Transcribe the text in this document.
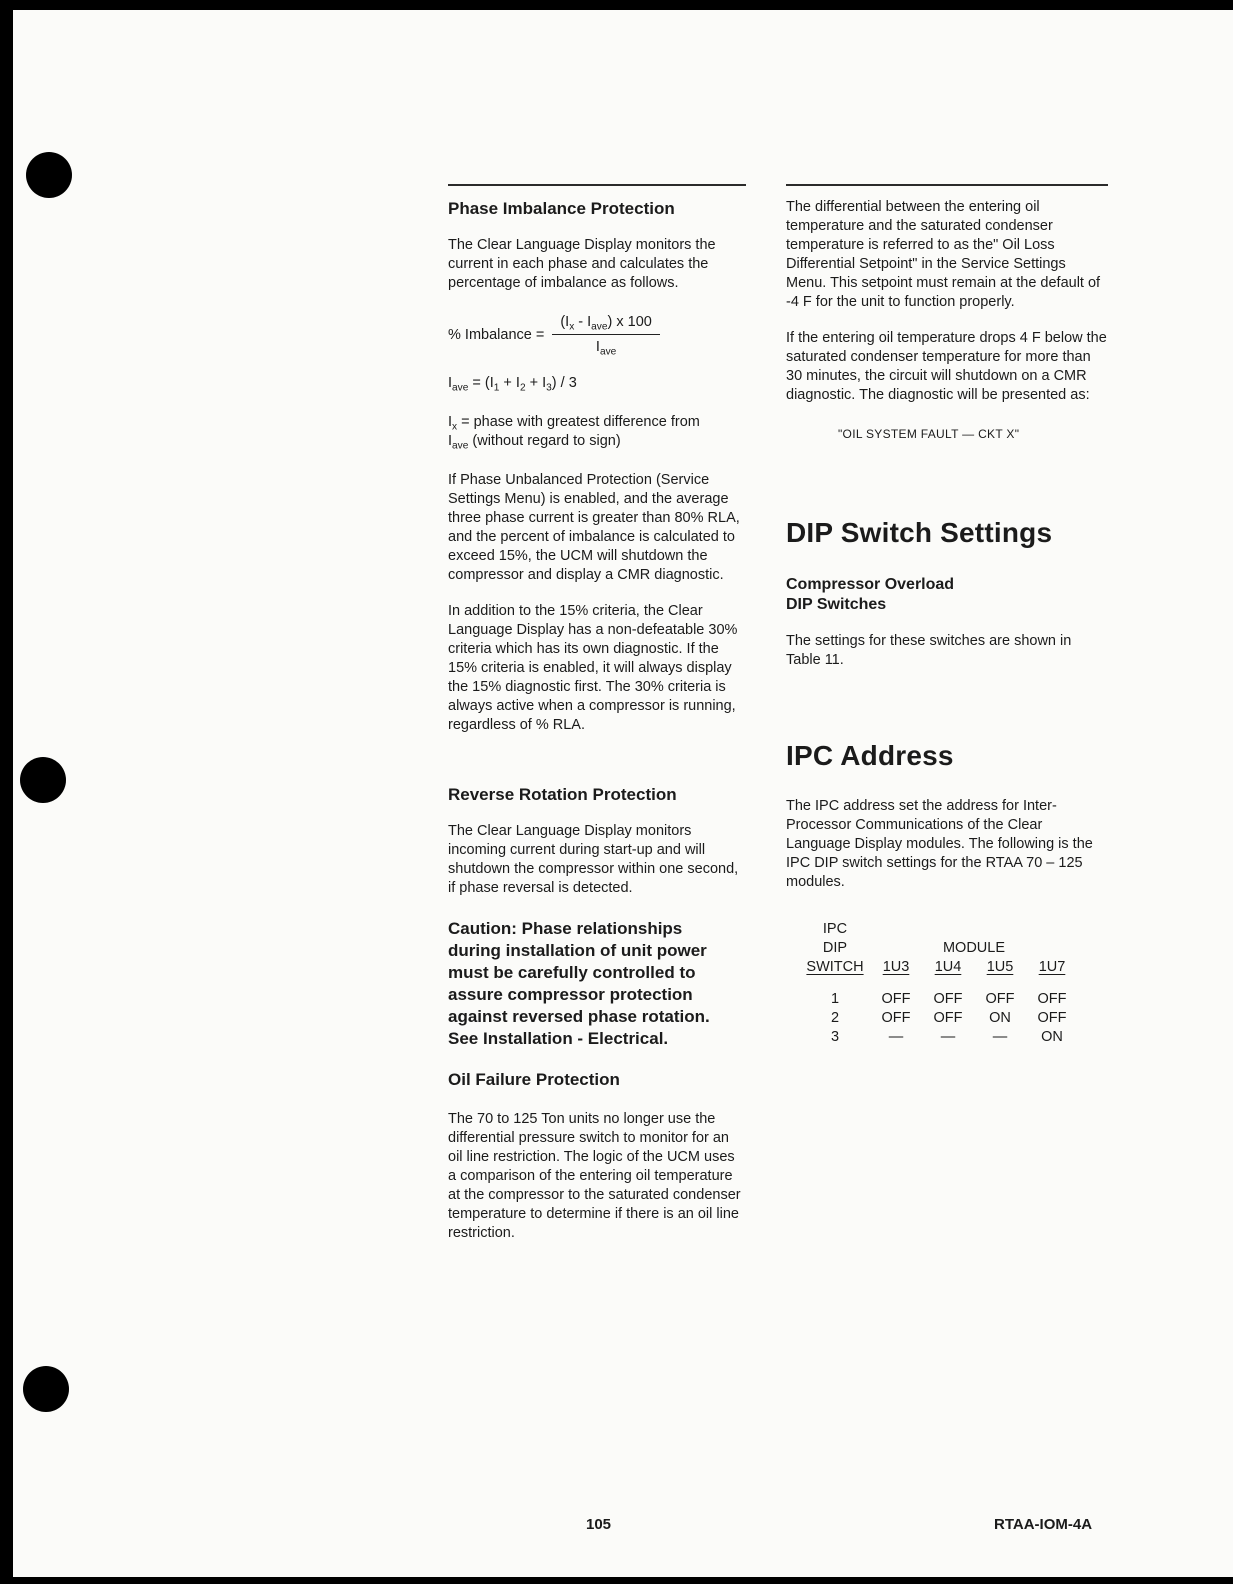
Phase Imbalance Protection

The Clear Language Display monitors the current in each phase and calculates the percentage of imbalance as follows.

% Imbalance = $\frac{(I_x - I_{ave}) x 100}{I_{ave}}$
$I_{ave} = (I_1 + I_2 + I_3) / 3$
$I_x$ = phase with greatest difference from
$I_{ave}$ (without regard to sign)

If Phase Unbalanced Protection (Service Settings Menu) is enabled, and the average three phase current is greater than 80% RLA, and the percent of imbalance is calculated to exceed 15%, the UCM will shutdown the compressor and display a CMR diagnostic.

In addition to the 15% criteria, the Clear Language Display has a non-defeatable 30% criteria which has its own diagnostic. If the 15% criteria is enabled, it will always display the 15% diagnostic first. The 30% criteria is always active when a compressor is running, regardless of % RLA.

Reverse Rotation Protection

The Clear Language Display monitors incoming current during start-up and will shutdown the compressor within one second, if phase reversal is detected.

Caution: Phase relationships
during installation of unit power
must be carefully controlled to
assure compressor protection
against reversed phase rotation.
See Installation - Electrical.
Oil Failure Protection

The 70 to 125 Ton units no longer use the differential pressure switch to monitor for an oil line restriction. The logic of the UCM uses a comparison of the entering oil temperature at the compressor to the saturated condenser temperature to determine if there is an oil line restriction.

The differential between the entering oil temperature and the saturated condenser temperature is referred to as the" Oil Loss Differential Setpoint" in the Service Settings Menu. This setpoint must remain at the default of -4 F for the unit to function properly.

If the entering oil temperature drops 4 F below the saturated condenser temperature for more than 30 minutes, the circuit will shutdown on a CMR diagnostic. The diagnostic will be presented as:

"OIL SYSTEM FAULT — CKT X"
DIP Switch Settings
Compressor Overload
DIP Switches

The settings for these switches are shown in Table 11.

IPC Address

The IPC address set the address for Inter-Processor Communications of the Clear Language Display modules. The following is the IPC DIP switch settings for the RTAA 70 – 125 modules.

IPC
DIP	MODULE
SWITCH	1U3	1U4	1U5	1U7
1	OFF	OFF	OFF	OFF
2	OFF	OFF	ON	OFF
3	—	—	—	ON
105	RTAA-IOM-4A
